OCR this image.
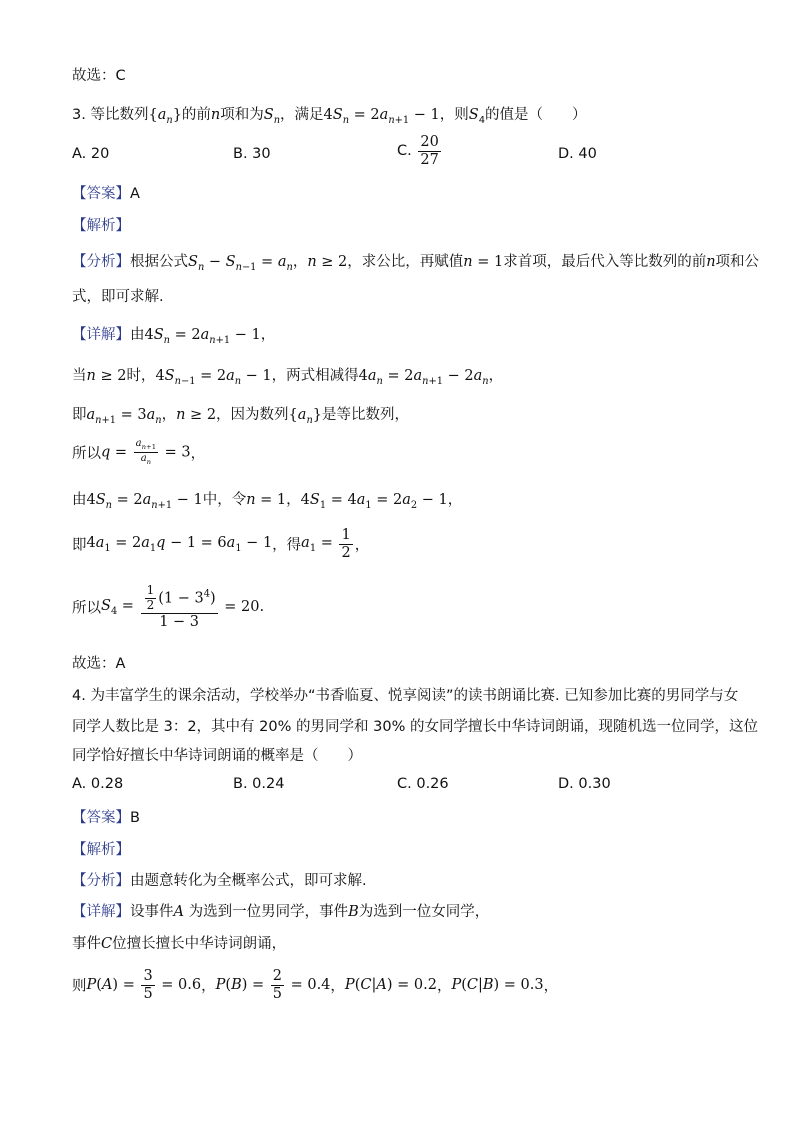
故选：C
3. 等比数列$\{a_n\}$的前n项和为$S_n$，满足$4S_n = 2a_{n+1} - 1$，则$S_4$的值是（　　）
A. 20	B. 30	C. $\frac{20}{27}$	D. 40
【答案】A
【解析】
【分析】根据公式$S_n - S_{n-1} = a_n$，n ≥ 2，求公比，再赋值n = 1求首项，最后代入等比数列的前n项和公
式，即可求解.
【详解】由$4S_n = 2a_{n+1} - 1$，
当n ≥ 2时，$4S_{n-1} = 2a_n - 1$，两式相减得$4a_n = 2a_{n+1} - 2a_n$，
即$a_{n+1} = 3a_n$，n ≥ 2，因为数列$\{a_n\}$是等比数列，
所以$q = \frac{a_{n+1}}{a_n} = 3$，
由$4S_n = 2a_{n+1} - 1$中，令n = 1，$4S_1 = 4a_1 = 2a_2 - 1$，
即$4a_1 = 2a_1q - 1 = 6a_1 - 1$，得$a_1 = \frac{1}{2}$ ，
所以$S_4 = \frac{\frac{1}{2} (1 - 3^4)}{1 - 3} = 20$.
故选：A
4. 为丰富学生的课余活动，学校举办“书香临夏、悦享阅读”的读书朗诵比赛. 已知参加比赛的男同学与女
同学人数比是 3：2，其中有 20% 的男同学和 30% 的女同学擅长中华诗词朗诵，现随机选一位同学，这位
同学恰好擅长中华诗词朗诵的概率是（　　）
A. 0.28	B. 0.24	C. 0.26	D. 0.30
【答案】B
【解析】
【分析】由题意转化为全概率公式，即可求解.
【详解】设事件A 为选到一位男同学，事件B为选到一位女同学，
事件C位擅长擅长中华诗词朗诵，
则$P(A) = \frac{3}{5} = 0.6$，$P(B) = \frac{2}{5} = 0.4$，P(C|A) = 0.2，P(C|B) = 0.3，
